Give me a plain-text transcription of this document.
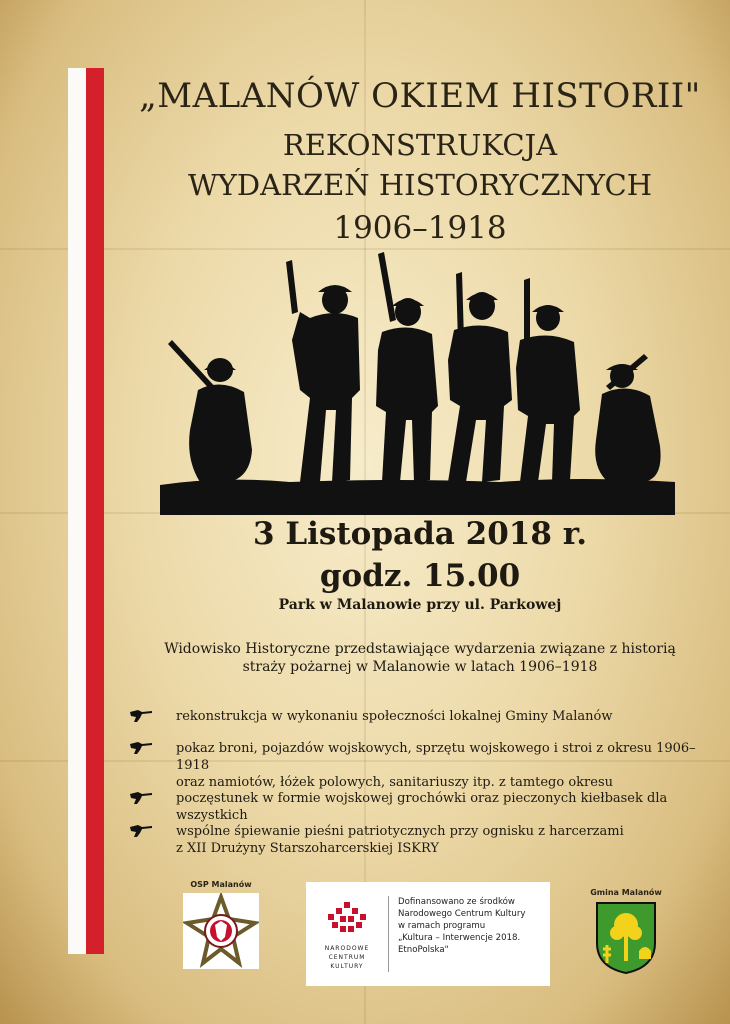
„MALANÓW OKIEM HISTORII"
REKONSTRUKCJA
WYDARZEŃ HISTORYCZNYCH
1906–1918
3 Listopada 2018 r.
godz. 15.00
Park w Malanowie przy ul. Parkowej
Widowisko Historyczne przedstawiające wydarzenia związane z historią
straży pożarnej w Malanowie w latach 1906–1918
rekonstrukcja w wykonaniu społeczności lokalnej Gminy Malanów
pokaz broni, pojazdów wojskowych, sprzętu wojskowego i stroi z okresu 1906–1918
oraz namiotów, łóżek polowych, sanitariuszy itp. z tamtego okresu
poczęstunek w formie wojskowej grochówki oraz pieczonych kiełbasek dla wszystkich
wspólne śpiewanie pieśni patriotycznych przy ognisku z harcerzami
z XII Drużyny Starszoharcerskiej ISKRY
OSP Malanów
NARODOWE
CENTRUM
KULTURY
Dofinansowano ze środków
Narodowego Centrum Kultury
w ramach programu
„Kultura – Interwencje 2018.
EtnoPolska"
Gmina Malanów
